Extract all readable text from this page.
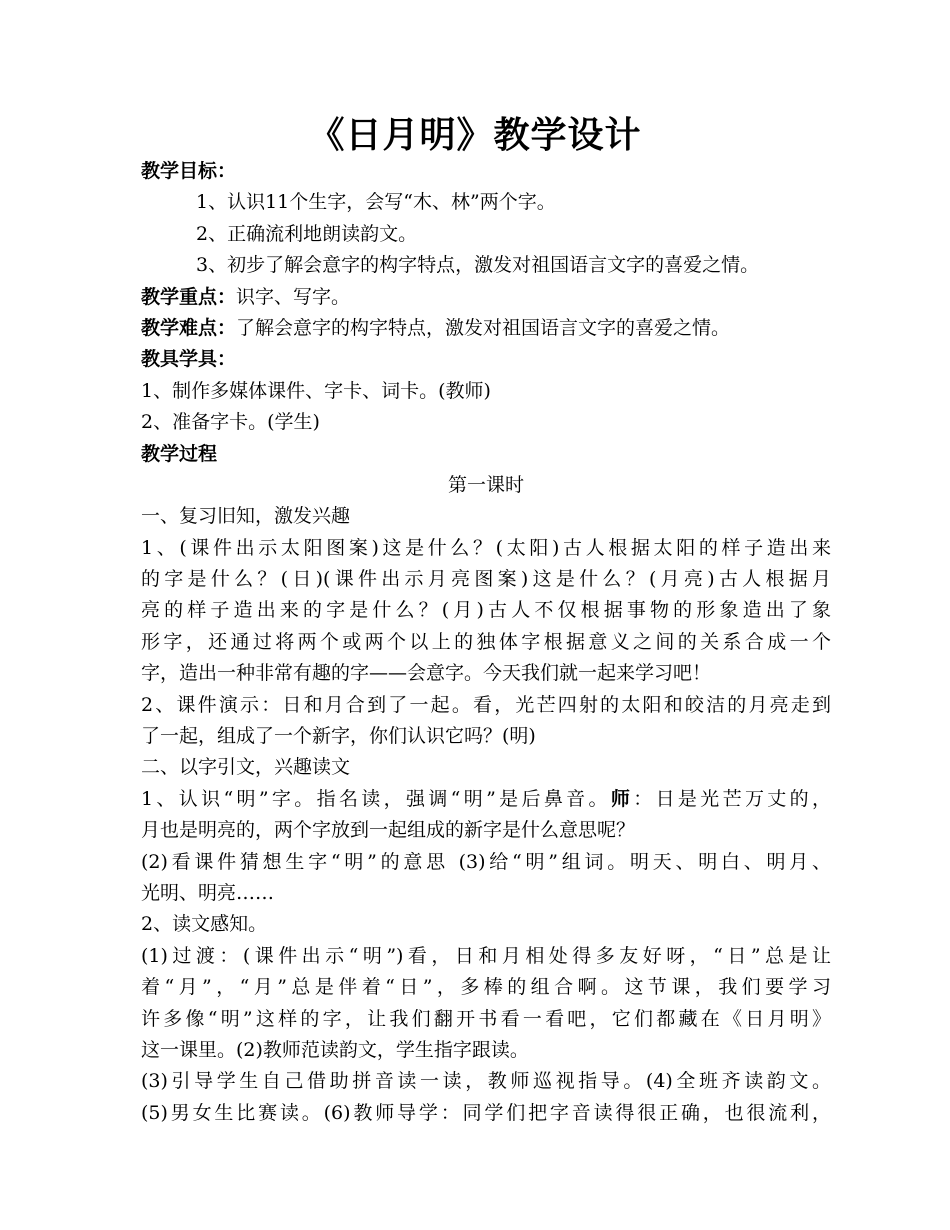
《日月明》教学设计
教学目标：
1、认识11个生字，会写“木、林”两个字。
2、正确流利地朗读韵文。
3、初步了解会意字的构字特点，激发对祖国语言文字的喜爱之情。
教学重点：识字、写字。
教学难点：了解会意字的构字特点，激发对祖国语言文字的喜爱之情。
教具学具：
1、制作多媒体课件、字卡、词卡。(教师)
2、准备字卡。(学生)
教学过程
第一课时
一、复习旧知，激发兴趣
1、(课件出示太阳图案)这是什么？(太阳)古人根据太阳的样子造出来
的字是什么？(日)(课件出示月亮图案)这是什么？(月亮)古人根据月
亮的样子造出来的字是什么？(月)古人不仅根据事物的形象造出了象
形字，还通过将两个或两个以上的独体字根据意义之间的关系合成一个
字，造出一种非常有趣的字——会意字。今天我们就一起来学习吧！
2、课件演示：日和月合到了一起。看，光芒四射的太阳和皎洁的月亮走到
了一起，组成了一个新字，你们认识它吗？(明)
二、以字引文，兴趣读文
1、认识“明”字。指名读，强调“明”是后鼻音。师：日是光芒万丈的，
月也是明亮的，两个字放到一起组成的新字是什么意思呢？
(2)看课件猜想生字“明”的意思 (3)给“明”组词。明天、明白、明月、
光明、明亮……
2、读文感知。
(1)过渡：(课件出示“明”)看，日和月相处得多友好呀，“日”总是让
着“月”，“月”总是伴着“日”，多棒的组合啊。这节课，我们要学习
许多像“明”这样的字，让我们翻开书看一看吧，它们都藏在《日月明》
这一课里。(2)教师范读韵文，学生指字跟读。
(3)引导学生自己借助拼音读一读，教师巡视指导。(4)全班齐读韵文。
(5)男女生比赛读。(6)教师导学：同学们把字音读得很正确，也很流利，
